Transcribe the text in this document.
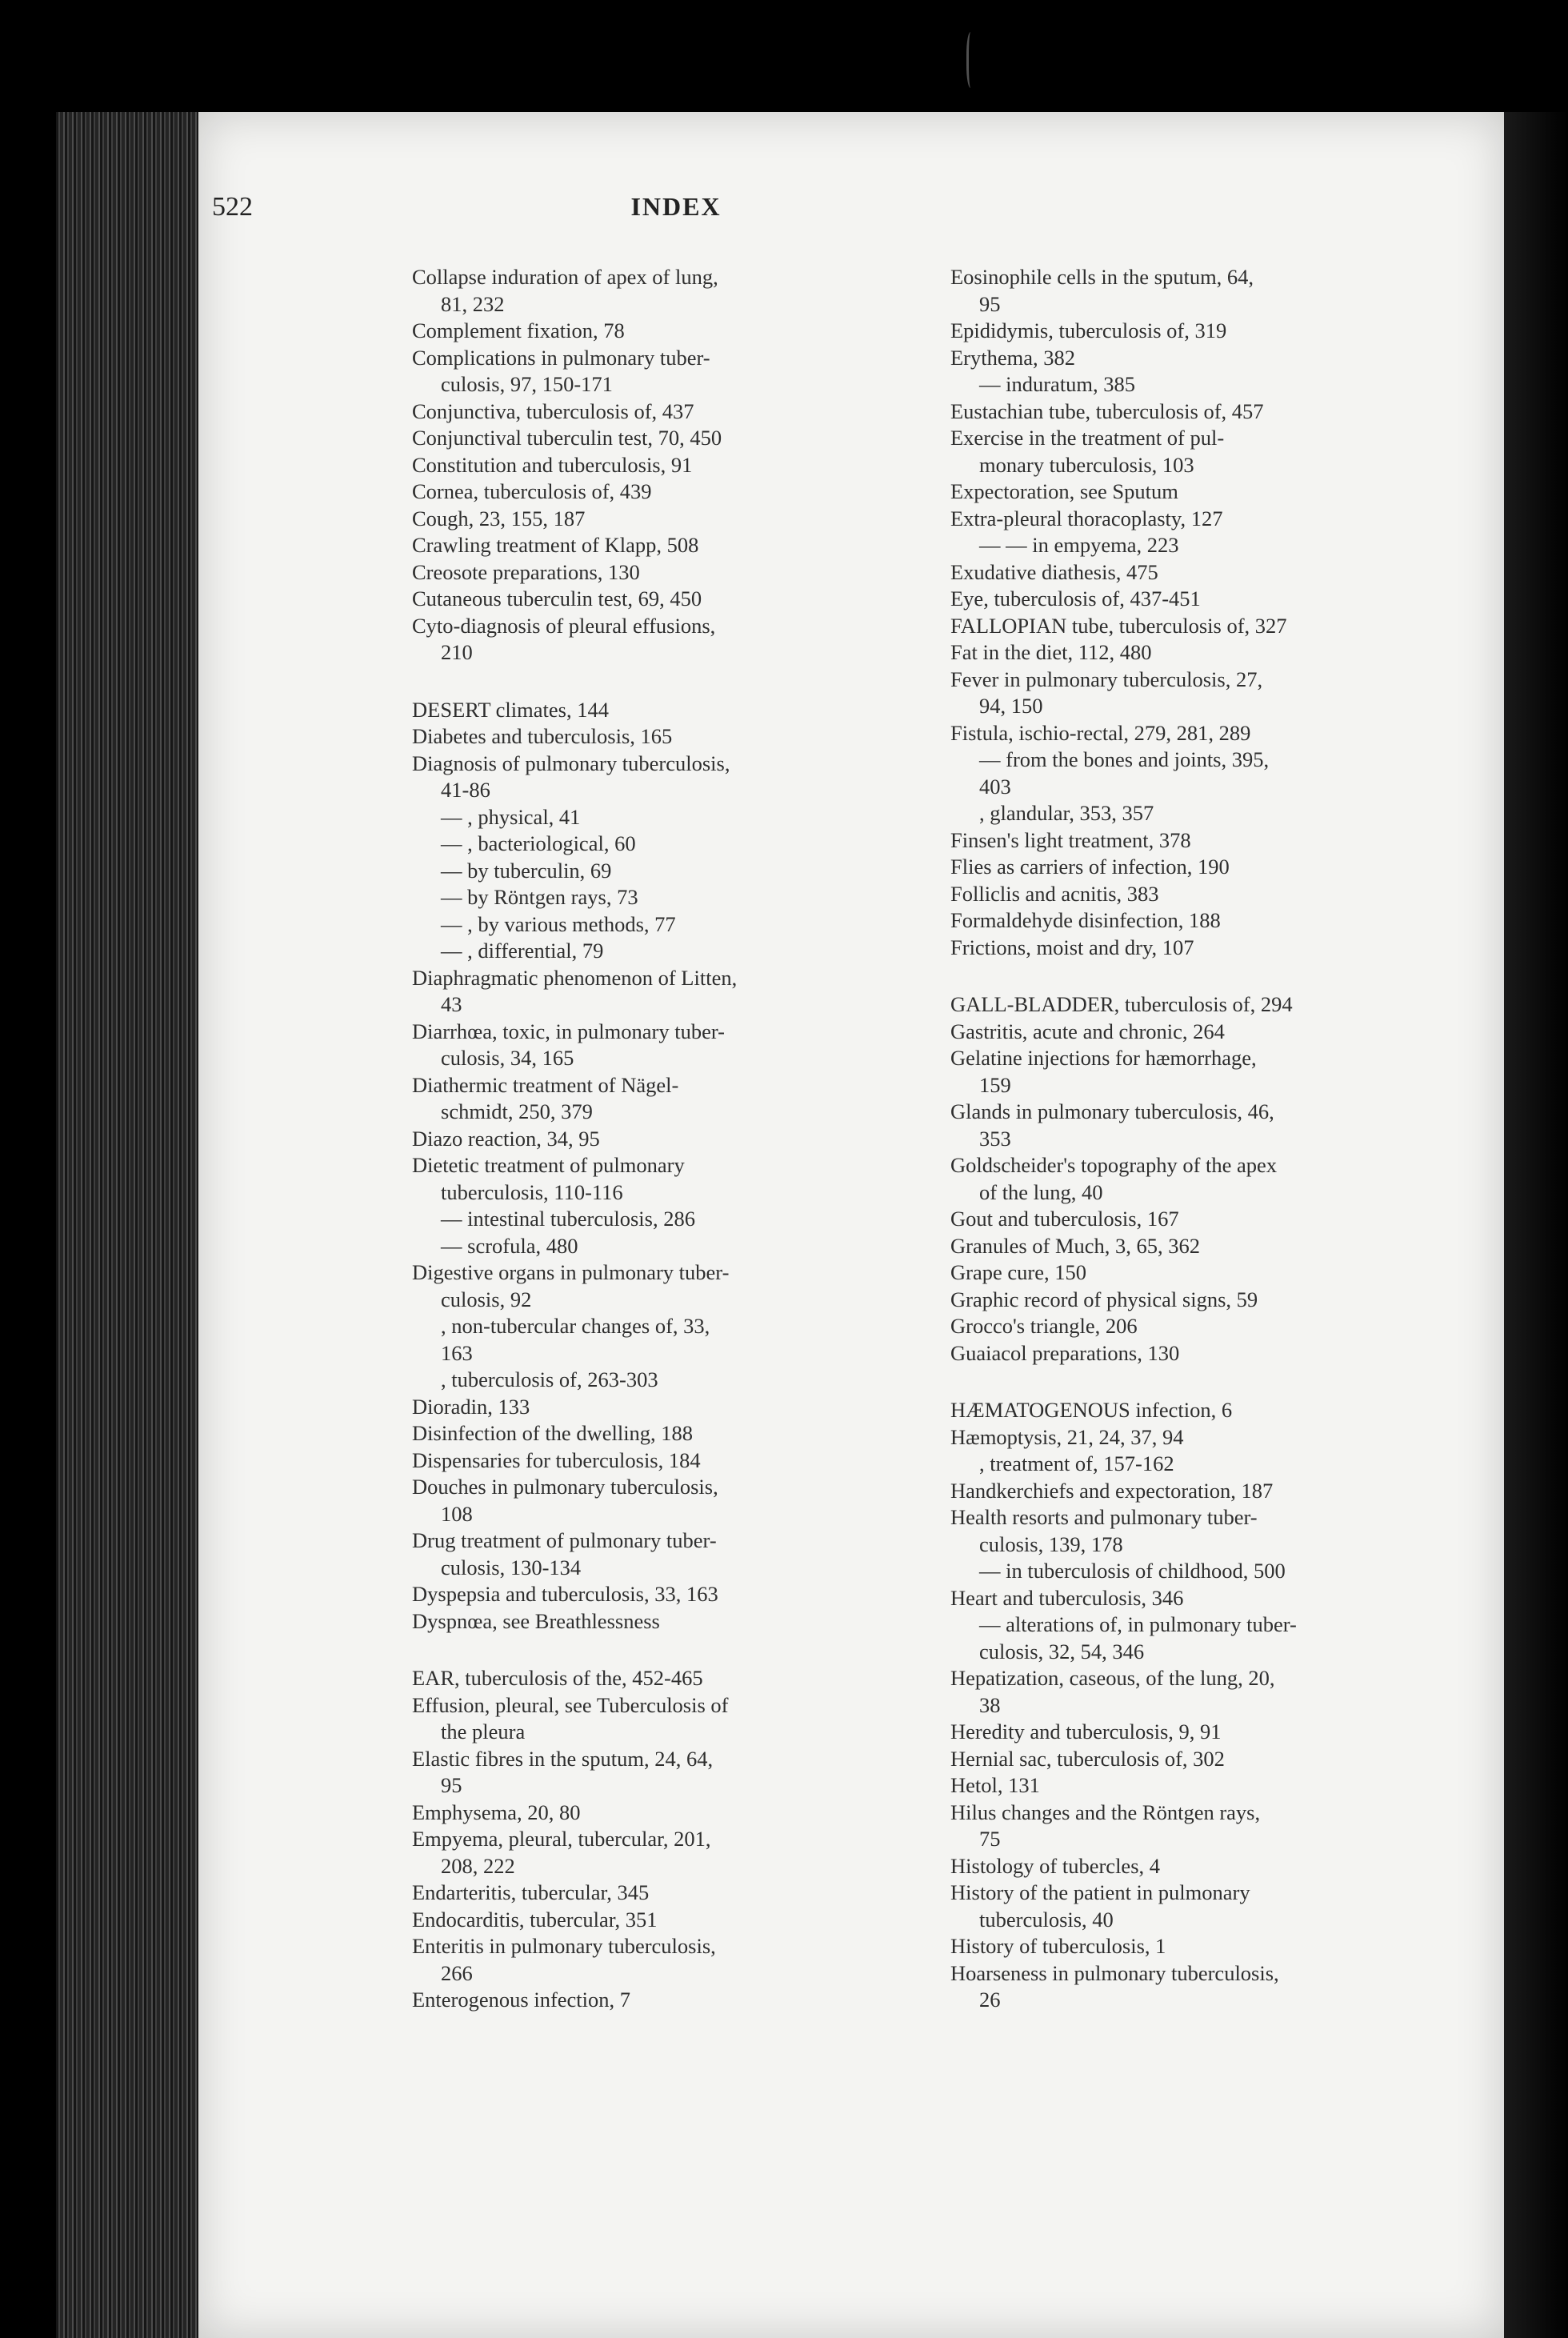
522	INDEX
Collapse induration of apex of lung,
81, 232
Complement fixation, 78
Complications in pulmonary tuber-
culosis, 97, 150-171
Conjunctiva, tuberculosis of, 437
Conjunctival tuberculin test, 70, 450
Constitution and tuberculosis, 91
Cornea, tuberculosis of, 439
Cough, 23, 155, 187
Crawling treatment of Klapp, 508
Creosote preparations, 130
Cutaneous tuberculin test, 69, 450
Cyto-diagnosis of pleural effusions,
210
DESERT climates, 144
Diabetes and tuberculosis, 165
Diagnosis of pulmonary tuberculosis,
41-86
— , physical, 41
— , bacteriological, 60
— by tuberculin, 69
— by Röntgen rays, 73
— , by various methods, 77
— , differential, 79
Diaphragmatic phenomenon of Litten,
43
Diarrhœa, toxic, in pulmonary tuber-
culosis, 34, 165
Diathermic treatment of Nägel-
schmidt, 250, 379
Diazo reaction, 34, 95
Dietetic treatment of pulmonary
tuberculosis, 110-116
— intestinal tuberculosis, 286
— scrofula, 480
Digestive organs in pulmonary tuber-
culosis, 92
, non-tubercular changes of, 33,
163
, tuberculosis of, 263-303
Dioradin, 133
Disinfection of the dwelling, 188
Dispensaries for tuberculosis, 184
Douches in pulmonary tuberculosis,
108
Drug treatment of pulmonary tuber-
culosis, 130-134
Dyspepsia and tuberculosis, 33, 163
Dyspnœa, see Breathlessness
EAR, tuberculosis of the, 452-465
Effusion, pleural, see Tuberculosis of
the pleura
Elastic fibres in the sputum, 24, 64,
95
Emphysema, 20, 80
Empyema, pleural, tubercular, 201,
208, 222
Endarteritis, tubercular, 345
Endocarditis, tubercular, 351
Enteritis in pulmonary tuberculosis,
266
Enterogenous infection, 7
Eosinophile cells in the sputum, 64,
95
Epididymis, tuberculosis of, 319
Erythema, 382
— induratum, 385
Eustachian tube, tuberculosis of, 457
Exercise in the treatment of pul-
monary tuberculosis, 103
Expectoration, see Sputum
Extra-pleural thoracoplasty, 127
— — in empyema, 223
Exudative diathesis, 475
Eye, tuberculosis of, 437-451
FALLOPIAN tube, tuberculosis of, 327
Fat in the diet, 112, 480
Fever in pulmonary tuberculosis, 27,
94, 150
Fistula, ischio-rectal, 279, 281, 289
— from the bones and joints, 395,
403
, glandular, 353, 357
Finsen's light treatment, 378
Flies as carriers of infection, 190
Folliclis and acnitis, 383
Formaldehyde disinfection, 188
Frictions, moist and dry, 107
GALL-BLADDER, tuberculosis of, 294
Gastritis, acute and chronic, 264
Gelatine injections for hæmorrhage,
159
Glands in pulmonary tuberculosis, 46,
353
Goldscheider's topography of the apex
of the lung, 40
Gout and tuberculosis, 167
Granules of Much, 3, 65, 362
Grape cure, 150
Graphic record of physical signs, 59
Grocco's triangle, 206
Guaiacol preparations, 130
HÆMATOGENOUS infection, 6
Hæmoptysis, 21, 24, 37, 94
, treatment of, 157-162
Handkerchiefs and expectoration, 187
Health resorts and pulmonary tuber-
culosis, 139, 178
— in tuberculosis of childhood, 500
Heart and tuberculosis, 346
— alterations of, in pulmonary tuber-
culosis, 32, 54, 346
Hepatization, caseous, of the lung, 20,
38
Heredity and tuberculosis, 9, 91
Hernial sac, tuberculosis of, 302
Hetol, 131
Hilus changes and the Röntgen rays,
75
Histology of tubercles, 4
History of the patient in pulmonary
tuberculosis, 40
History of tuberculosis, 1
Hoarseness in pulmonary tuberculosis,
26
